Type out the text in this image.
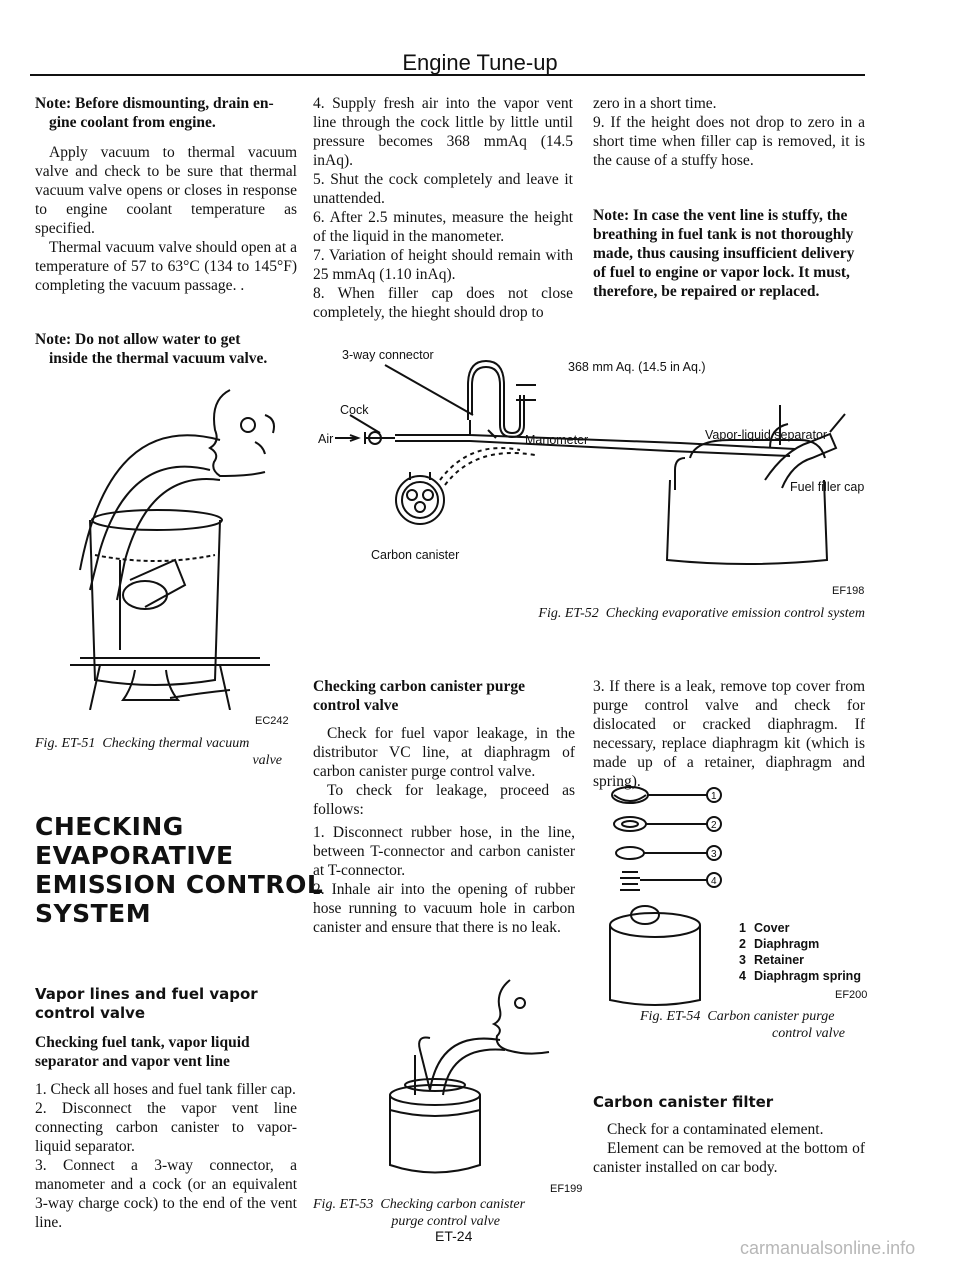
Engine Tune-up
Note: Before dismounting, drain en-
gine coolant from engine.

Apply vacuum to thermal vacuum valve and check to be sure that thermal vacuum valve opens or closes in response to engine coolant temperature as specified.

Thermal vacuum valve should open at a temperature of 57 to 63°C (134 to 145°F) completing the vacuum passage. .

Note: Do not allow water to get
inside the thermal vacuum valve.
EC242
Fig. ET-51 Checking thermal vacuum
valve
CHECKING
EVAPORATIVE
EMISSION CONTROL
SYSTEM
Vapor lines and fuel vapor
control valve
Checking fuel tank, vapor liquid
separator and vapor vent line

1. Check all hoses and fuel tank filler cap.

2. Disconnect the vapor vent line connecting carbon canister to vapor-liquid separator.

3. Connect a 3-way connector, a manometer and a cock (or an equivalent 3-way charge cock) to the end of the vent line.

4. Supply fresh air into the vapor vent line through the cock little by little until pressure becomes 368 mmAq (14.5 inAq).

5. Shut the cock completely and leave it unattended.

6. After 2.5 minutes, measure the height of the liquid in the manometer.

7. Variation of height should remain with 25 mmAq (1.10 inAq).

8. When filler cap does not close completely, the hieght should drop to

zero in a short time.

9. If the height does not drop to zero in a short time when filler cap is removed, it is the cause of a stuffy hose.

Note: In case the vent line is stuffy, the breathing in fuel tank is not thoroughly made, thus causing insufficient delivery of fuel to engine or vapor lock. It must, therefore, be repaired or replaced.
3-way connector
368 mm Aq. (14.5 in Aq.)
Cock
Air	Manometer	Vapor-liquid separator
Fuel filler cap
Carbon canister
EF198
Fig. ET-52 Checking evaporative emission control system
Checking carbon canister purge
control valve

Check for fuel vapor leakage, in the distributor VC line, at diaphragm of carbon canister purge control valve.

To check for leakage, proceed as follows:

1. Disconnect rubber hose, in the line, between T-connector and carbon canister at T-connector.

2. Inhale air into the opening of rubber hose running to vacuum hole in carbon canister and ensure that there is no leak.

EF199
Fig. ET-53 Checking carbon canister
purge control valve

3. If there is a leak, remove top cover from purge control valve and check for dislocated or cracked diaphragm. If necessary, replace diaphragm kit (which is made up of a retainer, diaphragm and spring).

1
2
3
4
1 Cover
2 Diaphragm
3 Retainer
4 Diaphragm spring
EF200
Fig. ET-54 Carbon canister purge
control valve
Carbon canister filter

Check for a contaminated element.

Element can be removed at the bottom of canister installed on car body.

ET-24
carmanualsonline.info
